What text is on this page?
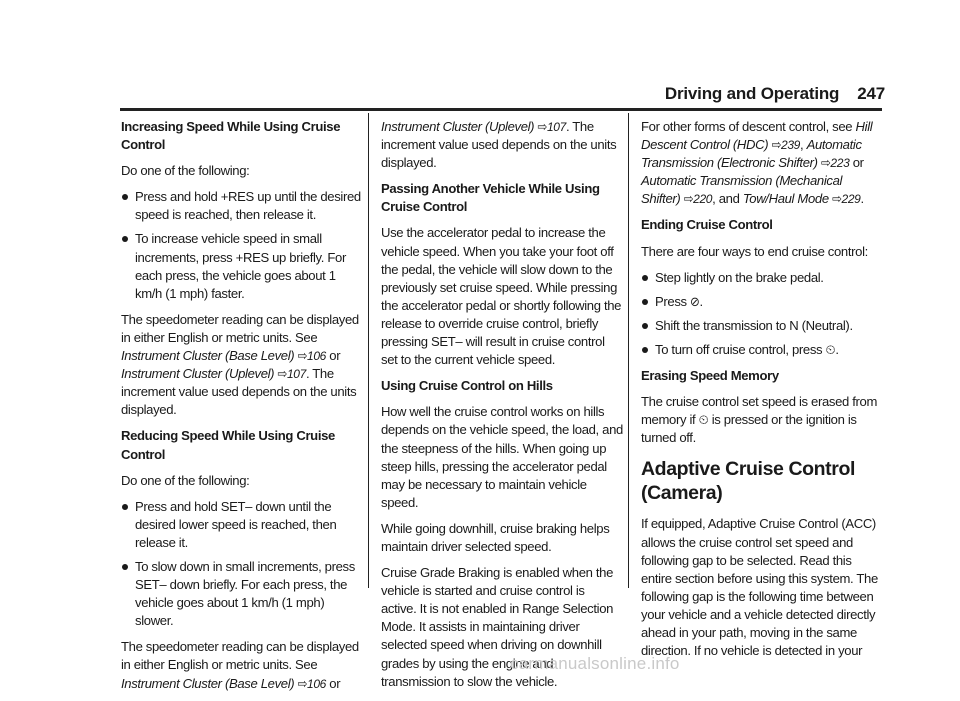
Driving and Operating 247
Increasing Speed While Using Cruise Control

Do one of the following:

Press and hold +RES up until the desired speed is reached, then release it.
To increase vehicle speed in small increments, press +RES up briefly. For each press, the vehicle goes about 1 km/h (1 mph) faster.

The speedometer reading can be displayed in either English or metric units. See Instrument Cluster (Base Level) ⇨106 or Instrument Cluster (Uplevel) ⇨107. The increment value used depends on the units displayed.

Reducing Speed While Using Cruise Control

Do one of the following:

Press and hold SET– down until the desired lower speed is reached, then release it.
To slow down in small increments, press SET– down briefly. For each press, the vehicle goes about 1 km/h (1 mph) slower.

The speedometer reading can be displayed in either English or metric units. See Instrument Cluster (Base Level) ⇨106 or

Instrument Cluster (Uplevel) ⇨107. The increment value used depends on the units displayed.

Passing Another Vehicle While Using Cruise Control

Use the accelerator pedal to increase the vehicle speed. When you take your foot off the pedal, the vehicle will slow down to the previously set cruise speed. While pressing the accelerator pedal or shortly following the release to override cruise control, briefly pressing SET– will result in cruise control set to the current vehicle speed.

Using Cruise Control on Hills

How well the cruise control works on hills depends on the vehicle speed, the load, and the steepness of the hills. When going up steep hills, pressing the accelerator pedal may be necessary to maintain vehicle speed.

While going downhill, cruise braking helps maintain driver selected speed.

Cruise Grade Braking is enabled when the vehicle is started and cruise control is active. It is not enabled in Range Selection Mode. It assists in maintaining driver selected speed when driving on downhill grades by using the engine and transmission to slow the vehicle.

For other forms of descent control, see Hill Descent Control (HDC) ⇨239, Automatic Transmission (Electronic Shifter) ⇨223 or Automatic Transmission (Mechanical Shifter) ⇨220, and Tow/Haul Mode ⇨229.

Ending Cruise Control

There are four ways to end cruise control:

Step lightly on the brake pedal.
Press ⊘.
Shift the transmission to N (Neutral).
To turn off cruise control, press ⏲.
Erasing Speed Memory

The cruise control set speed is erased from memory if ⏲ is pressed or the ignition is turned off.

Adaptive Cruise Control (Camera)

If equipped, Adaptive Cruise Control (ACC) allows the cruise control set speed and following gap to be selected. Read this entire section before using this system. The following gap is the following time between your vehicle and a vehicle detected directly ahead in your path, moving in the same direction. If no vehicle is detected in your

carmanualsonline.info
